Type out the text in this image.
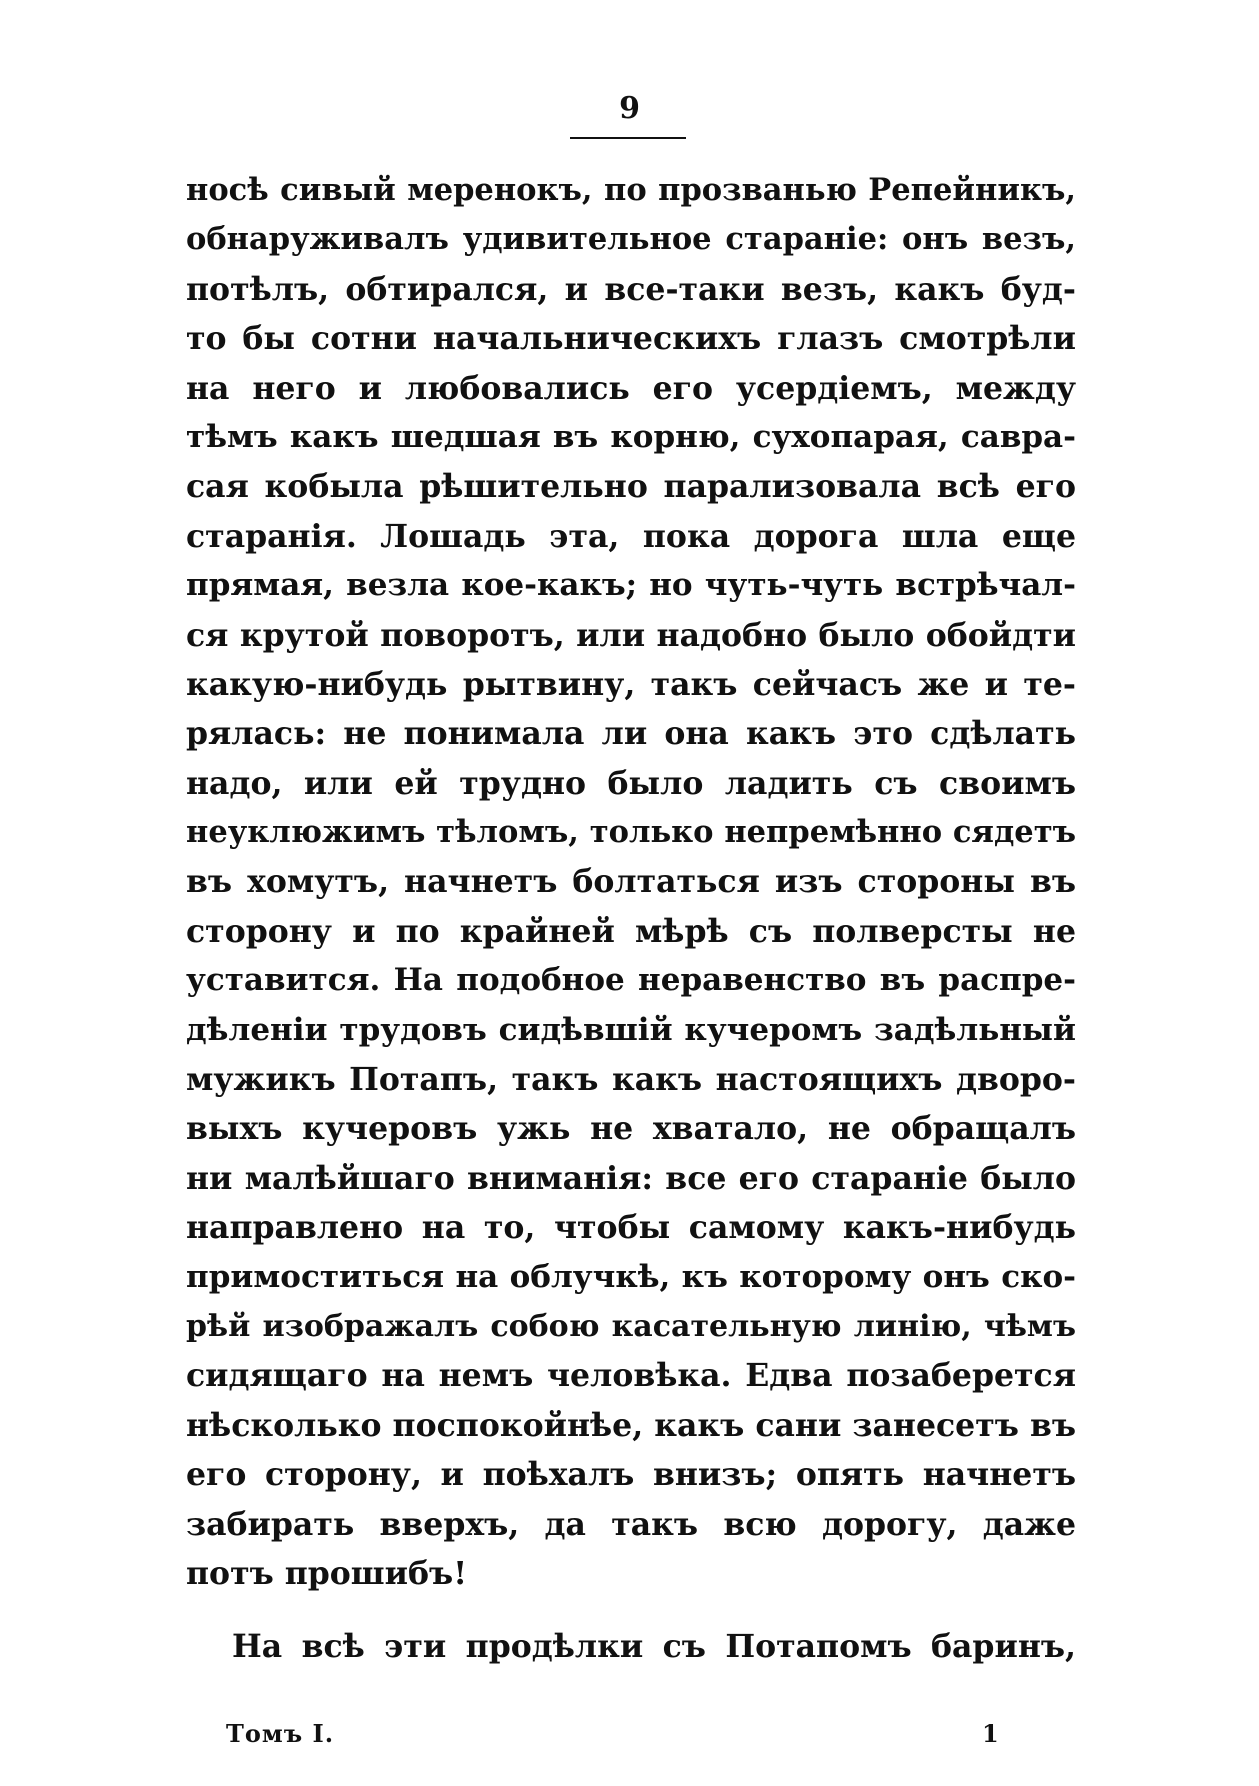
9
носѣ сивый меренокъ, по прозванью Репейникъ,
обнаруживалъ удивительное стараніе: онъ везъ,
потѣлъ, обтирался, и все-таки везъ, какъ буд-
то бы сотни начальническихъ глазъ смотрѣли
на него и любовались его усердіемъ, между
тѣмъ какъ шедшая въ корню, сухопарая, савра-
сая кобыла рѣшительно парализовала всѣ его
старанія. Лошадь эта, пока дорога шла еще
прямая, везла кое-какъ; но чуть-чуть встрѣчал-
ся крутой поворотъ, или надобно было обойдти
какую-нибудь рытвину, такъ сейчасъ же и те-
рялась: не понимала ли она какъ это сдѣлать
надо, или ей трудно было ладить съ своимъ
неуклюжимъ тѣломъ, только непремѣнно сядетъ
въ хомутъ, начнетъ болтаться изъ стороны въ
сторону и по крайней мѣрѣ съ полверсты не
уставится. На подобное неравенство въ распре-
дѣленіи трудовъ сидѣвшій кучеромъ задѣльный
мужикъ Потапъ, такъ какъ настоящихъ дворо-
выхъ кучеровъ ужь не хватало, не обращалъ
ни малѣйшаго вниманія: все его стараніе было
направлено на то, чтобы самому какъ-нибудь
примоститься на облучкѣ, къ которому онъ ско-
рѣй изображалъ собою касательную линію, чѣмъ
сидящаго на немъ человѣка. Едва позаберется
нѣсколько поспокойнѣе, какъ сани занесетъ въ
его сторону, и поѣхалъ внизъ; опять начнетъ
забирать вверхъ, да такъ всю дорогу, даже
потъ прошибъ!
На всѣ эти продѣлки съ Потапомъ баринъ,
Томъ I.	1
